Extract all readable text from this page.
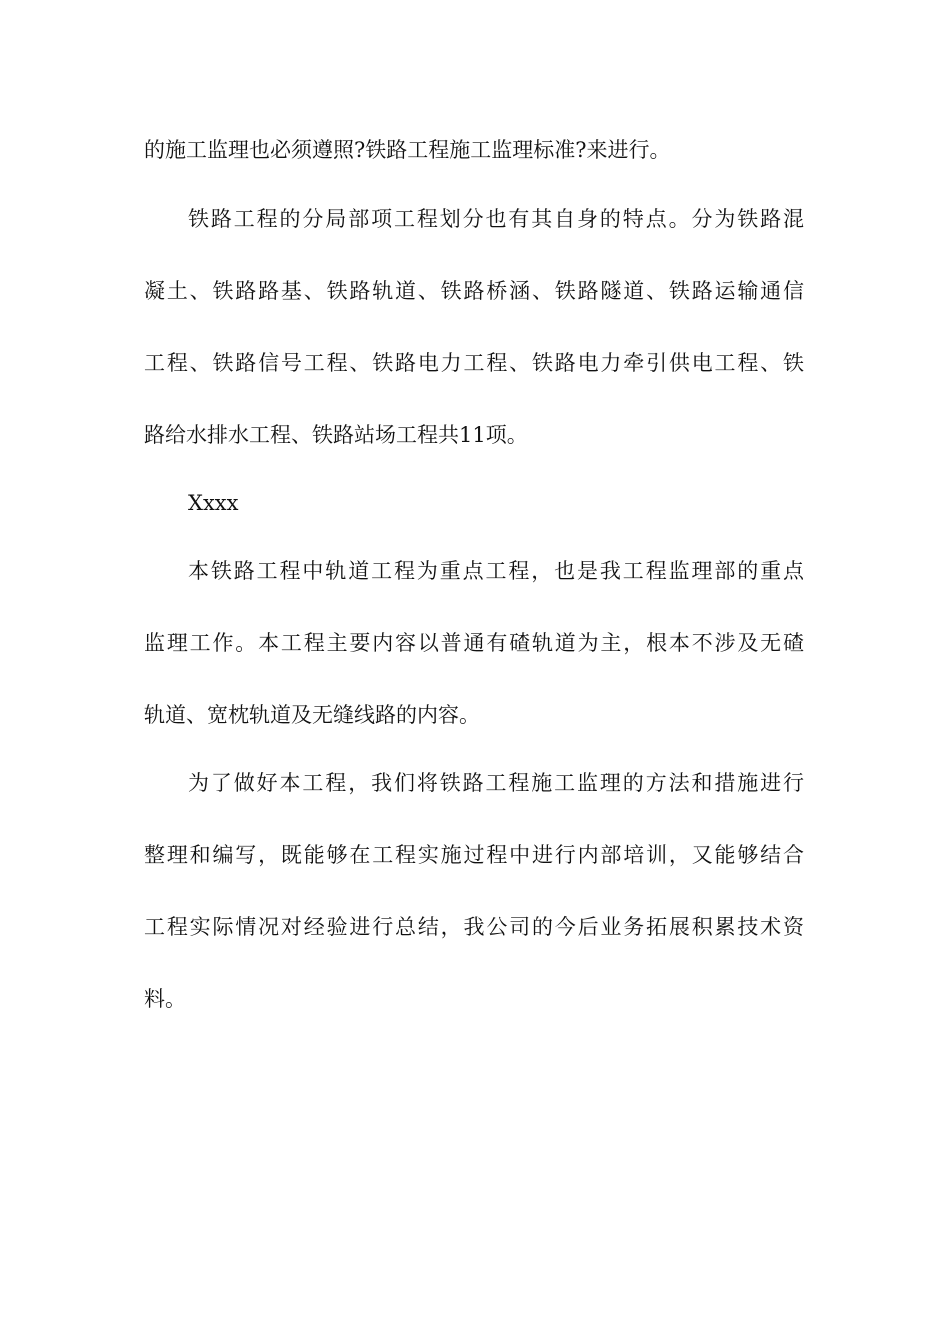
的施工监理也必须遵照?铁路工程施工监理标准?来进行。
铁路工程的分局部项工程划分也有其自身的特点。分为铁路混
凝土、铁路路基、铁路轨道、铁路桥涵、铁路隧道、铁路运输通信
工程、铁路信号工程、铁路电力工程、铁路电力牵引供电工程、铁
路给水排水工程、铁路站场工程共11项。
Xxxx
本铁路工程中轨道工程为重点工程，也是我工程监理部的重点
监理工作。本工程主要内容以普通有碴轨道为主，根本不涉及无碴
轨道、宽枕轨道及无缝线路的内容。
为了做好本工程，我们将铁路工程施工监理的方法和措施进行
整理和编写，既能够在工程实施过程中进行内部培训，又能够结合
工程实际情况对经验进行总结，我公司的今后业务拓展积累技术资
料。
